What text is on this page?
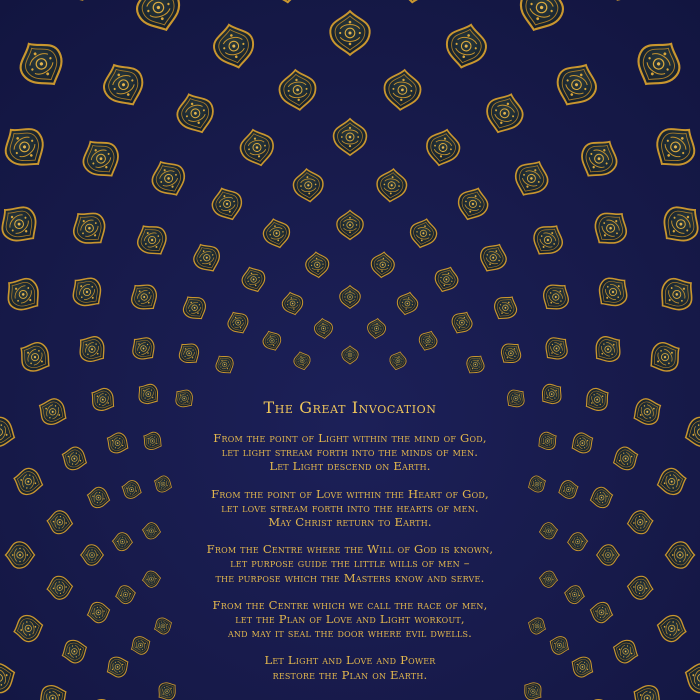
The Great Invocation
From the point of Light within the mind of God,
let light stream forth into the minds of men.
Let Light descend on Earth.
From the point of Love within the Heart of God,
let love stream forth into the hearts of men.
May Christ return to Earth.
From the Centre where the Will of God is known,
let purpose guide the little wills of men –
the purpose which the Masters know and serve.
From the Centre which we call the race of men,
let the Plan of Love and Light workout,
and may it seal the door where evil dwells.
Let Light and Love and Power
restore the Plan on Earth.
